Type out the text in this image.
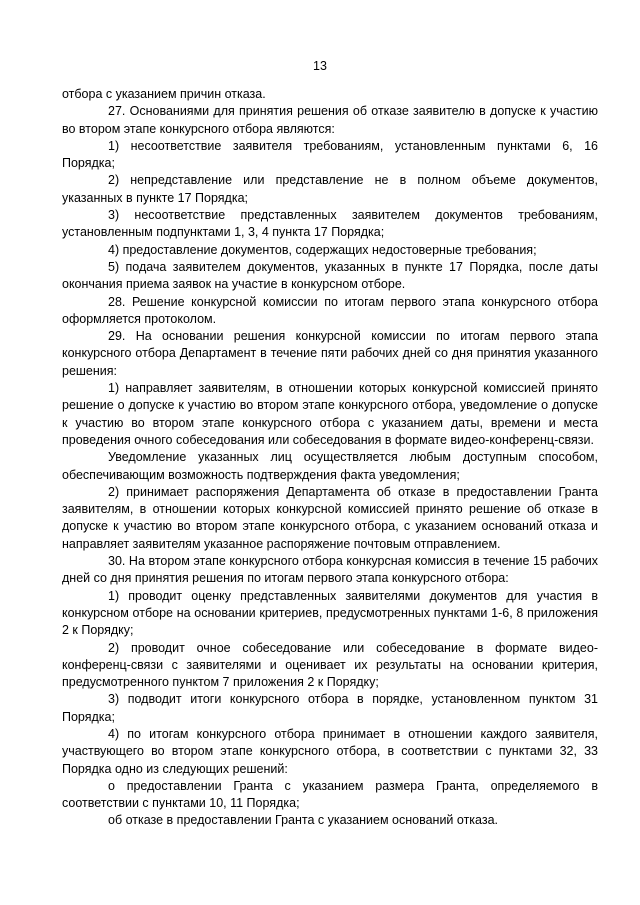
13

отбора с указанием причин отказа.

27. Основаниями для принятия решения об отказе заявителю в допуске к участию во втором этапе конкурсного отбора являются:

1) несоответствие заявителя требованиям, установленным пунктами 6, 16 Порядка;

2) непредставление или представление не в полном объеме документов, указанных в пункте 17 Порядка;

3) несоответствие представленных заявителем документов требованиям, установленным подпунктами 1, 3, 4 пункта 17 Порядка;

4) предоставление документов, содержащих недостоверные требования;

5) подача заявителем документов, указанных в пункте 17 Порядка, после даты окончания приема заявок на участие в конкурсном отборе.

28. Решение конкурсной комиссии по итогам первого этапа конкурсного отбора оформляется протоколом.

29. На основании решения конкурсной комиссии по итогам первого этапа конкурсного отбора Департамент в течение пяти рабочих дней со дня принятия указанного решения:

1) направляет заявителям, в отношении которых конкурсной комиссией принято решение о допуске к участию во втором этапе конкурсного отбора, уведомление о допуске к участию во втором этапе конкурсного отбора с указанием даты, времени и места проведения очного собеседования или собеседования в формате видео-конференц-связи.

Уведомление указанных лиц осуществляется любым доступным способом, обеспечивающим возможность подтверждения факта уведомления;

2) принимает распоряжения Департамента об отказе в предоставлении Гранта заявителям, в отношении которых конкурсной комиссией принято решение об отказе в допуске к участию во втором этапе конкурсного отбора, с указанием оснований отказа и направляет заявителям указанное распоряжение почтовым отправлением.

30. На втором этапе конкурсного отбора конкурсная комиссия в течение 15 рабочих дней со дня принятия решения по итогам первого этапа конкурсного отбора:

1) проводит оценку представленных заявителями документов для участия в конкурсном отборе на основании критериев, предусмотренных пунктами 1-6, 8 приложения 2 к Порядку;

2) проводит очное собеседование или собеседование в формате видео-конференц-связи с заявителями и оценивает их результаты на основании критерия, предусмотренного пунктом 7 приложения 2 к Порядку;

3) подводит итоги конкурсного отбора в порядке, установленном пунктом 31 Порядка;

4) по итогам конкурсного отбора принимает в отношении каждого заявителя, участвующего во втором этапе конкурсного отбора, в соответствии с пунктами 32, 33 Порядка одно из следующих решений:

о предоставлении Гранта с указанием размера Гранта, определяемого в соответствии с пунктами 10, 11 Порядка;

об отказе в предоставлении Гранта с указанием оснований отказа.
